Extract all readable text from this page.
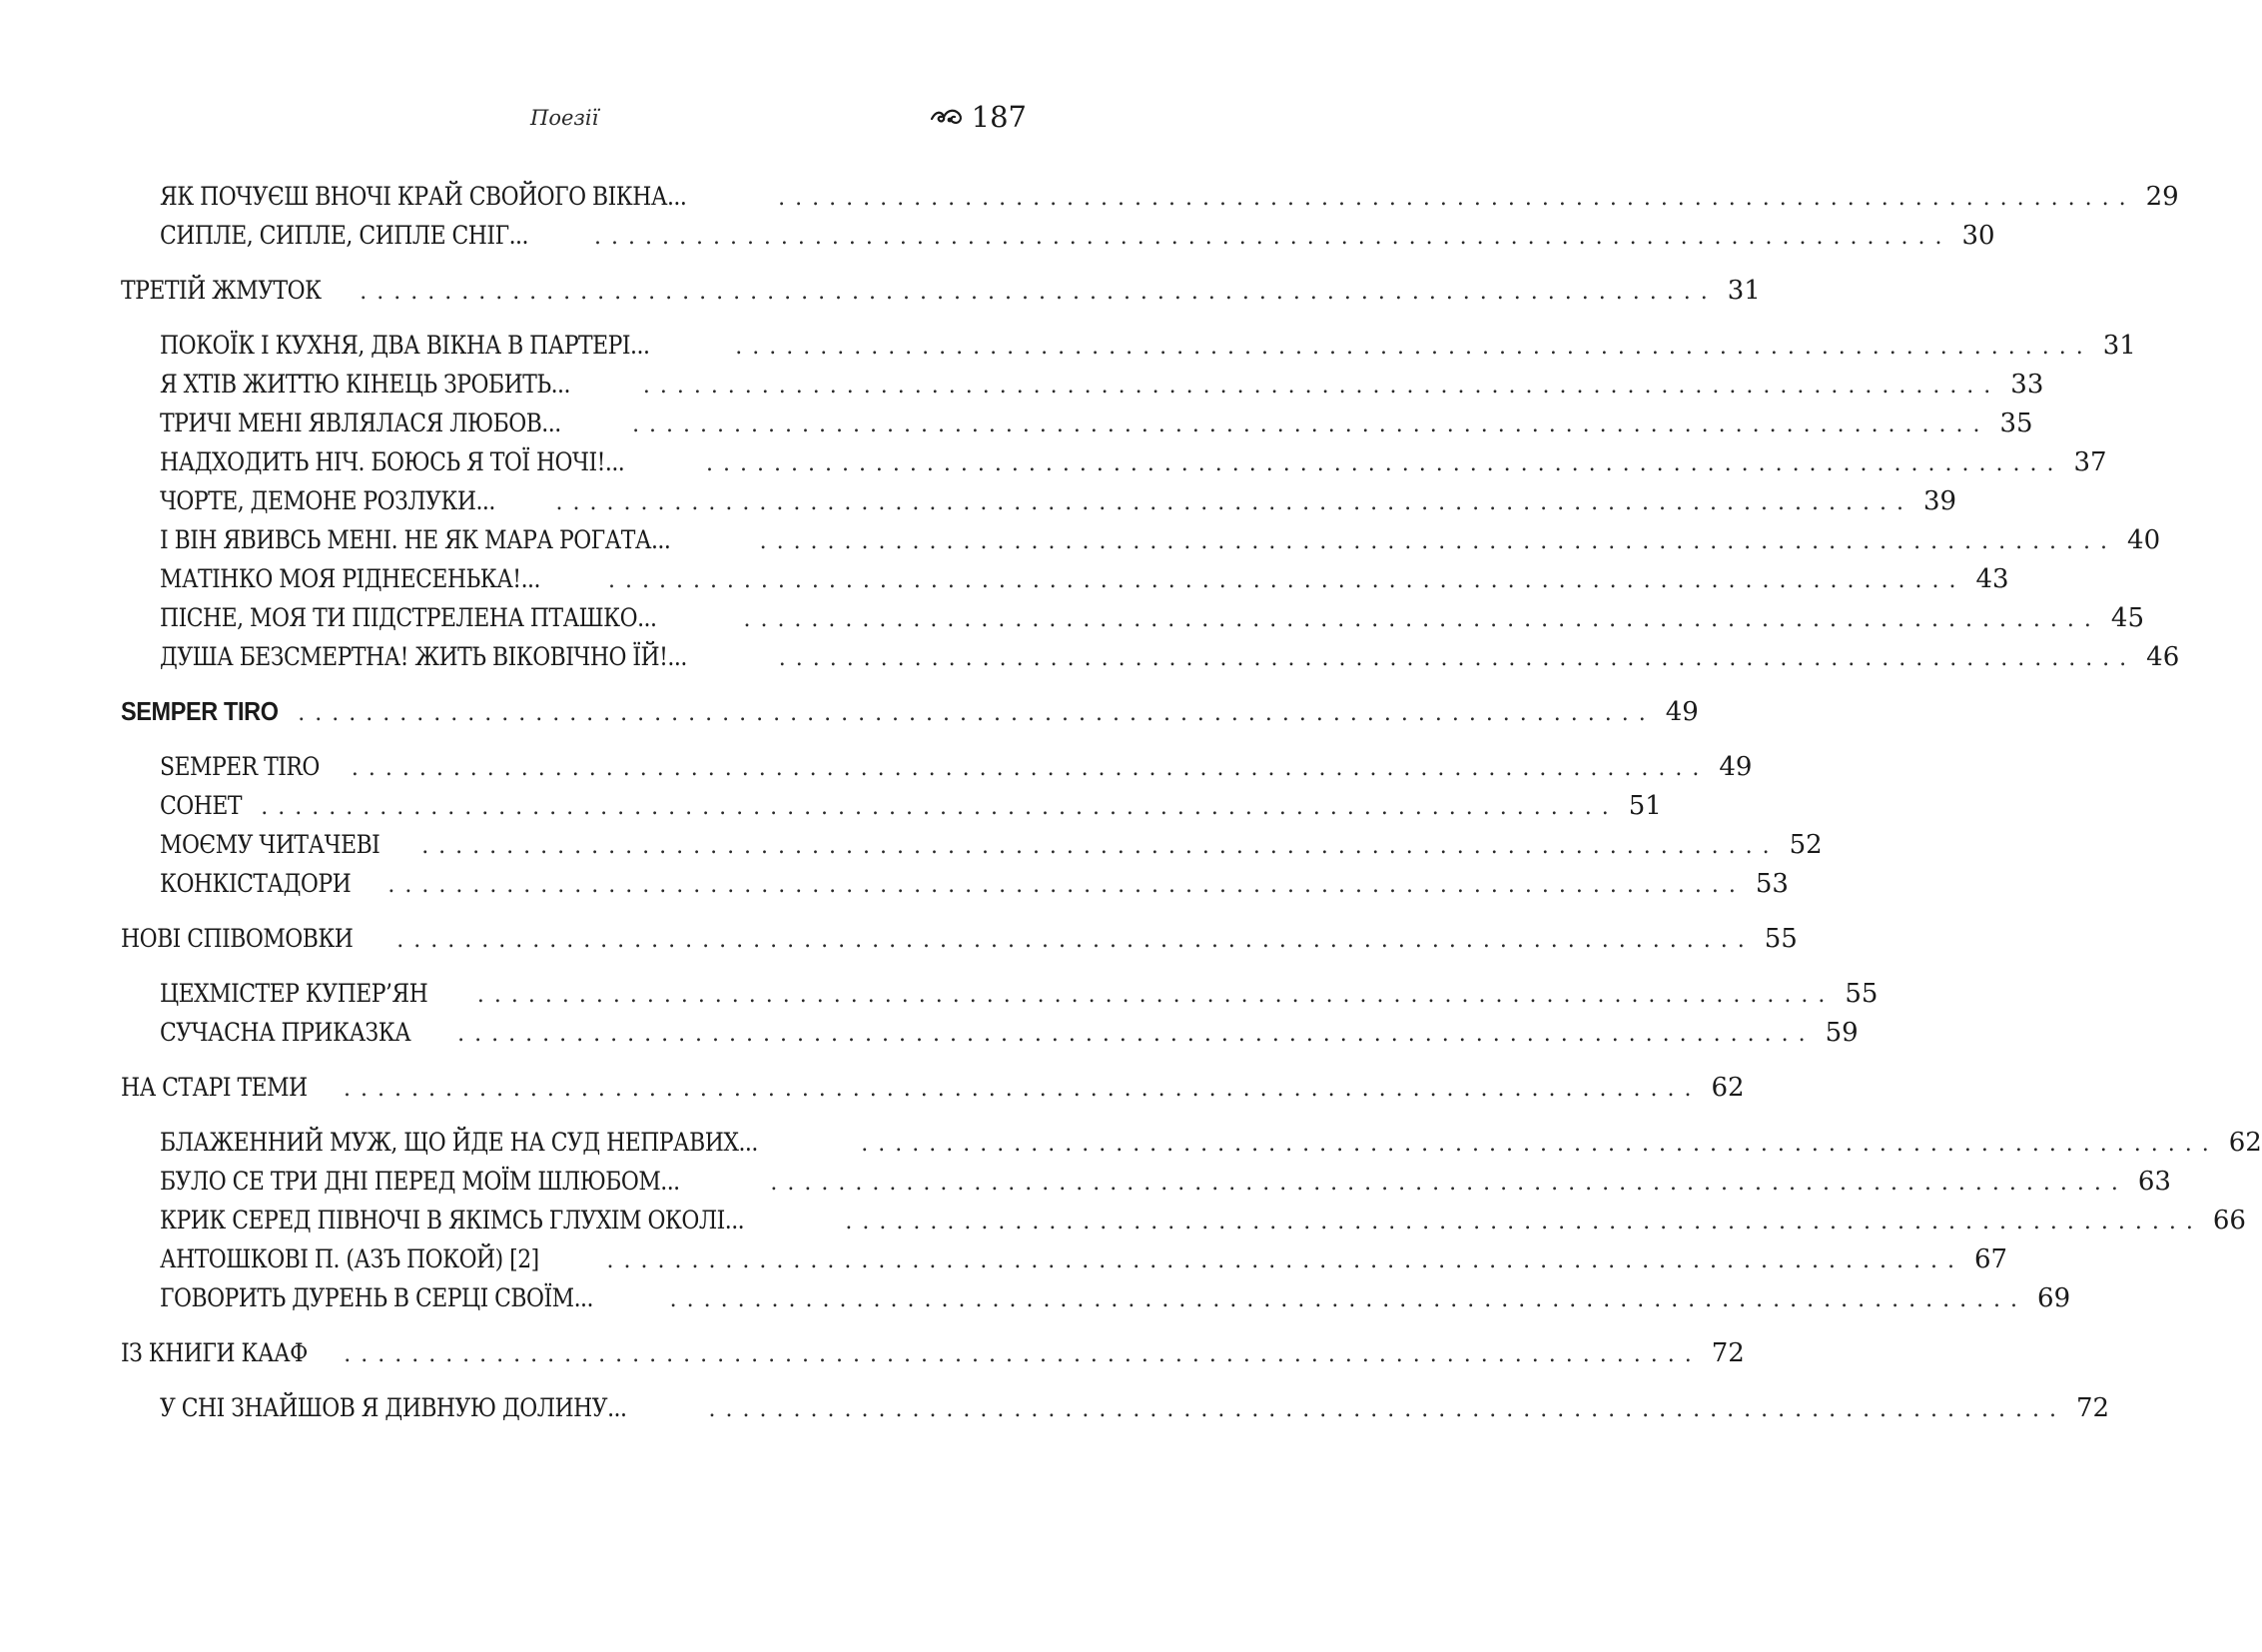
Поезії	187
ЯК ПОЧУЄШ ВНОЧІ КРАЙ СВОЙОГО ВІКНА...	................................................................................ 29
СИПЛЕ, СИПЛЕ, СИПЛЕ СНІГ...	................................................................................ 30
ТРЕТІЙ ЖМУТОК ................................................................................ 31
ПОКОЇК І КУХНЯ, ДВА ВІКНА В ПАРТЕРІ...	................................................................................ 31
Я ХТІВ ЖИТТЮ КІНЕЦЬ ЗРОБИТЬ...	................................................................................ 33
ТРИЧІ МЕНІ ЯВЛЯЛАСЯ ЛЮБОВ...	................................................................................ 35
НАДХОДИТЬ НІЧ. БОЮСЬ Я ТОЇ НОЧІ!...	................................................................................ 37
ЧОРТЕ, ДЕМОНЕ РОЗЛУКИ...	................................................................................ 39
І ВІН ЯВИВСЬ МЕНІ. НЕ ЯК МАРА РОГАТА...	................................................................................ 40
МАТІНКО МОЯ РІДНЕСЕНЬКА!...	................................................................................ 43
ПІСНЕ, МОЯ ТИ ПІДСТРЕЛЕНА ПТАШКО...	................................................................................ 45
ДУША БЕЗСМЕРТНА! ЖИТЬ ВІКОВІЧНО ЇЙ!...	................................................................................ 46
SEMPER TIRO ................................................................................ 49
SEMPER TIRO ................................................................................ 49
СОНЕТ ................................................................................ 51
МОЄМУ ЧИТАЧЕВІ ................................................................................ 52
КОНКІСТАДОРИ ................................................................................ 53
НОВІ СПІВОМОВКИ ................................................................................ 55
ЦЕХМІСТЕР КУПЕР’ЯН ................................................................................ 55
СУЧАСНА ПРИКАЗКА ................................................................................ 59
НА СТАРІ ТЕМИ ................................................................................ 62
БЛАЖЕННИЙ МУЖ, ЩО ЙДЕ НА СУД НЕПРАВИХ...	................................................................................ 62
БУЛО СЕ ТРИ ДНІ ПЕРЕД МОЇМ ШЛЮБОМ...	................................................................................ 63
КРИК СЕРЕД ПІВНОЧІ В ЯКІМСЬ ГЛУХІМ ОКОЛІ...	................................................................................ 66
АНТОШКОВІ П. (АЗЪ ПОКОЙ) [2]	................................................................................ 67
ГОВОРИТЬ ДУРЕНЬ В СЕРЦІ СВОЇМ...	................................................................................ 69
ІЗ КНИГИ КААФ ................................................................................ 72
У СНІ ЗНАЙШОВ Я ДИВНУЮ ДОЛИНУ...	................................................................................ 72
